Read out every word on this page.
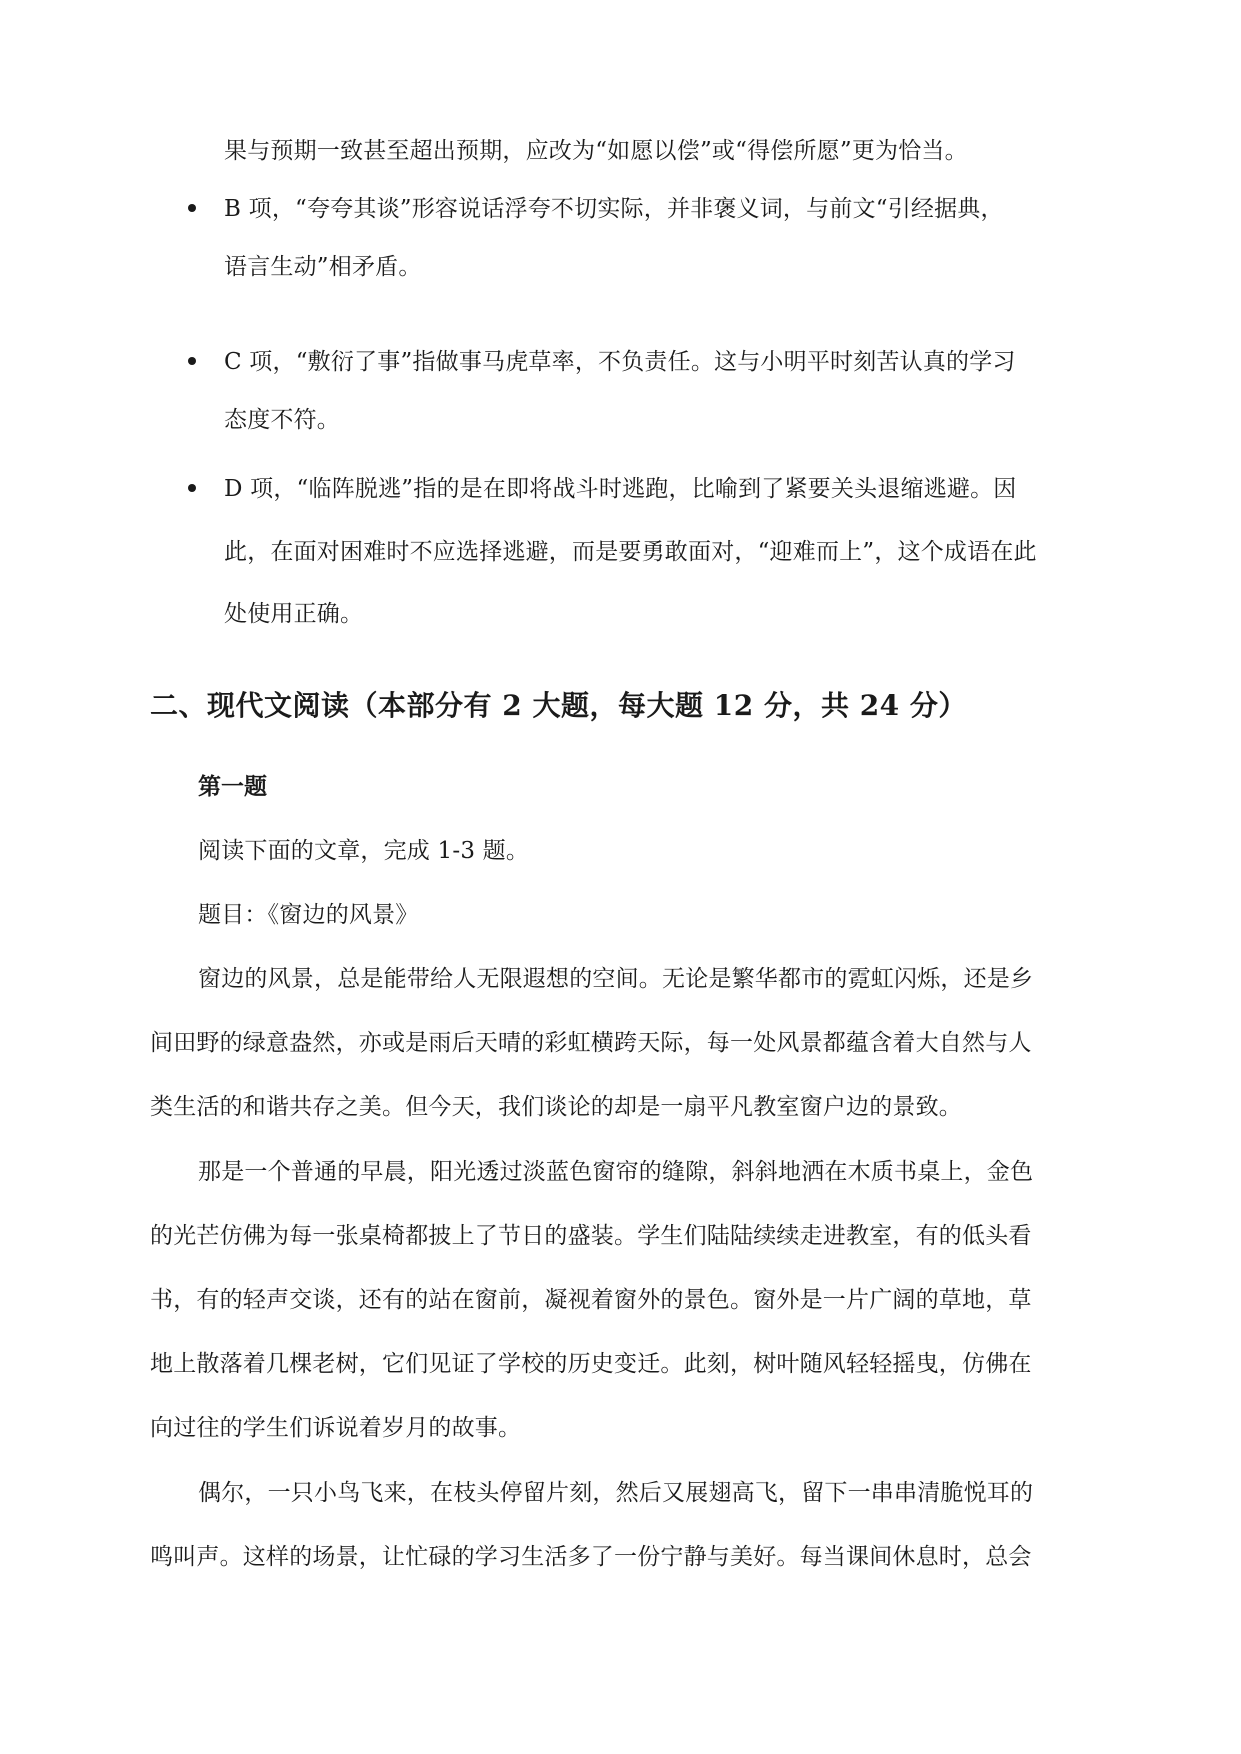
果与预期一致甚至超出预期，应改为“如愿以偿”或“得偿所愿”更为恰当。
B 项，“夸夸其谈”形容说话浮夸不切实际，并非褒义词，与前文“引经据典，
语言生动”相矛盾。
C 项，“敷衍了事”指做事马虎草率，不负责任。这与小明平时刻苦认真的学习
态度不符。
D 项，“临阵脱逃”指的是在即将战斗时逃跑，比喻到了紧要关头退缩逃避。因
此，在面对困难时不应选择逃避，而是要勇敢面对，“迎难而上”，这个成语在此
处使用正确。
二、现代文阅读（本部分有 2 大题，每大题 12 分，共 24 分）
第一题
阅读下面的文章，完成 1-3 题。
题目：《窗边的风景》
窗边的风景，总是能带给人无限遐想的空间。无论是繁华都市的霓虹闪烁，还是乡
间田野的绿意盎然，亦或是雨后天晴的彩虹横跨天际，每一处风景都蕴含着大自然与人
类生活的和谐共存之美。但今天，我们谈论的却是一扇平凡教室窗户边的景致。
那是一个普通的早晨，阳光透过淡蓝色窗帘的缝隙，斜斜地洒在木质书桌上，金色
的光芒仿佛为每一张桌椅都披上了节日的盛装。学生们陆陆续续走进教室，有的低头看
书，有的轻声交谈，还有的站在窗前，凝视着窗外的景色。窗外是一片广阔的草地，草
地上散落着几棵老树，它们见证了学校的历史变迁。此刻，树叶随风轻轻摇曳，仿佛在
向过往的学生们诉说着岁月的故事。
偶尔，一只小鸟飞来，在枝头停留片刻，然后又展翅高飞，留下一串串清脆悦耳的
鸣叫声。这样的场景，让忙碌的学习生活多了一份宁静与美好。每当课间休息时，总会
